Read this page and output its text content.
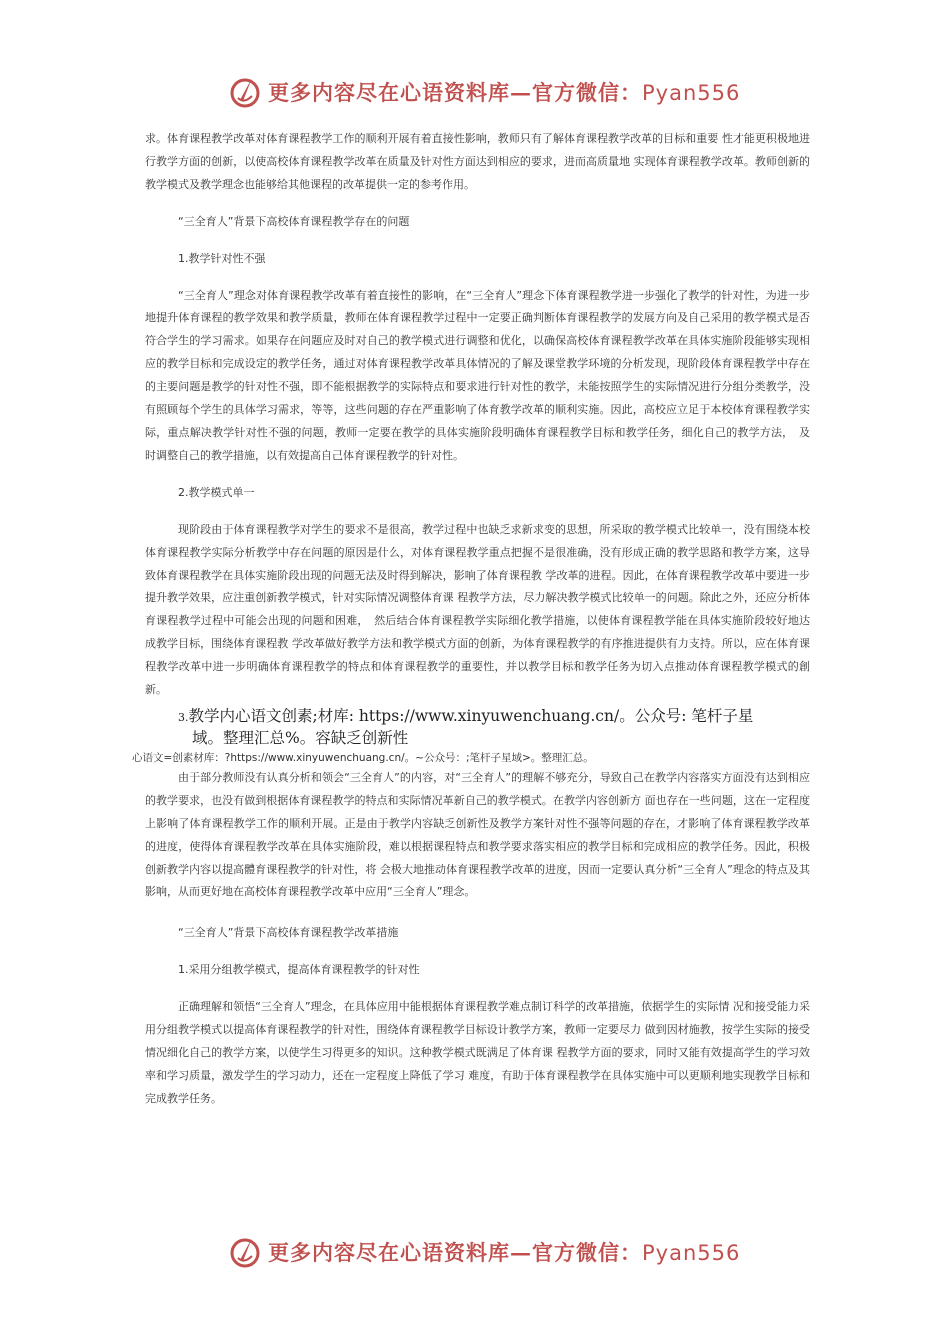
更多内容尽在心语资料库—官方微信：Pyan556

求。体育课程教学改革对体育课程教学工作的顺利开展有着直接性影响，教师只有了解体育课程教学改革的目标和重要 性才能更积极地进行教学方面的创新，以使高校体育课程教学改革在质量及针对性方面达到相应的要求，进而高质量地 实现体育课程教学改革。教师创新的教学模式及教学理念也能够给其他课程的改革提供一定的参考作用。

“三全育人”背景下高校体育课程教学存在的问题

1.教学针对性不强

“三全育人”理念对体育课程教学改革有着直接性的影响，在“三全育人”理念下体育课程教学进一步强化了教学的针对性，为进一步地提升体育课程的教学效果和教学质量，教师在体育课程教学过程中一定要正确判断体育课程教学的发展方向及自己采用的教学模式是否符合学生的学习需求。如果存在问题应及时对自己的教学模式进行调整和优化，以确保高校体育课程教学改革在具体实施阶段能够实现相应的教学目标和完成设定的教学任务，通过对体育课程教学改革具体情况的了解及课堂教学环境的分析发现，现阶段体育课程教学中存在的主要问题是教学的针对性不强，即不能根据教学的实际特点和要求进行针对性的教学，未能按照学生的实际情况进行分组分类教学，没有照顾每个学生的具体学习需求，等等，这些问题的存在严重影响了体育教学改革的顺利实施。因此，高校应立足于本校体育课程教学实际，重点解决教学针对性不强的问题，教师一定要在教学的具体实施阶段明确体育课程教学目标和教学任务，细化自己的教学方法，　及时调整自己的教学措施，以有效提高自己体育课程教学的针对性。

2.教学模式单一

现阶段由于体育课程教学对学生的要求不是很高，教学过程中也缺乏求新求变的思想，所采取的教学模式比较单一，没有围绕本校体育课程教学实际分析教学中存在问题的原因是什么，对体育课程教学重点把握不是很准确，没有形成正确的教学思路和教学方案，这导致体育课程教学在具体实施阶段出现的问题无法及时得到解决，影响了体育课程教 学改革的进程。因此，在体育课程教学改革中要进一步提升教学效果，应注重创新教学模式，针对实际情况调整体育课 程教学方法，尽力解决教学模式比较单一的问题。除此之外，还应分析体育课程教学过程中可能会出现的问题和困难，　然后结合体育课程教学实际细化教学措施，以使体育课程教学能在具体实施阶段较好地达成教学目标，围绕体育课程教 学改革做好教学方法和教学模式方面的创新，为体育课程教学的有序推进提供有力支持。所以，应在体育课程教学改革中进一步明确体育课程教学的特点和体育课程教学的重要性，并以教学目标和教学任务为切入点推动体育课程教学模式的創新。

3.教学内心语文创素;材库: https://www.xinyuwenchuang.cn/。公众号: 笔杆子星
域。整理汇总%。容缺乏创新性

心语文=创素材库：?https://www.xinyuwenchuang.cn/。~公众号：;笔杆子星域>。整理汇总。

由于部分教师没有认真分析和领会“三全育人”的内容，对“三全育人”的理解不够充分，导致自己在教学内容落实方面没有达到相应的教学要求，也没有做到根据体育课程教学的特点和实际情况革新自己的教学模式。在教学内容创新方 面也存在一些问题，这在一定程度上影响了体育课程教学工作的顺利开展。正是由于教学内容缺乏创新性及教学方案针对性不强等问题的存在，才影响了体育课程教学改革的进度，使得体育课程教学改革在具体实施阶段，难以根据课程特点和教学要求落实相应的教学目标和完成相应的教学任务。因此，积极创新教学内容以提高體育课程教学的针对性，将 会极大地推动体育课程教学改革的进度，因而一定要认真分析“三全育人”理念的特点及其影响，从而更好地在高校体育课程教学改革中应用“三全育人”理念。

“三全育人”背景下高校体育课程教学改革措施

1.采用分组教学模式，提高体育课程教学的针对性

正确理解和领悟“三全育人”理念，在具体应用中能根据体育课程教学难点制订科学的改革措施，依据学生的实际情 况和接受能力采用分组教学模式以提高体育课程教学的针对性，围绕体育课程教学目标设计教学方案，教师一定要尽力 做到因材施教，按学生实际的接受情况细化自己的教学方案，以使学生习得更多的知识。这种教学模式既满足了体育课 程教学方面的要求，同时又能有效提高学生的学习效率和学习质量，激发学生的学习动力，还在一定程度上降低了学习 难度，有助于体育课程教学在具体实施中可以更顺利地实现教学目标和完成教学任务。

更多内容尽在心语资料库—官方微信：Pyan556
